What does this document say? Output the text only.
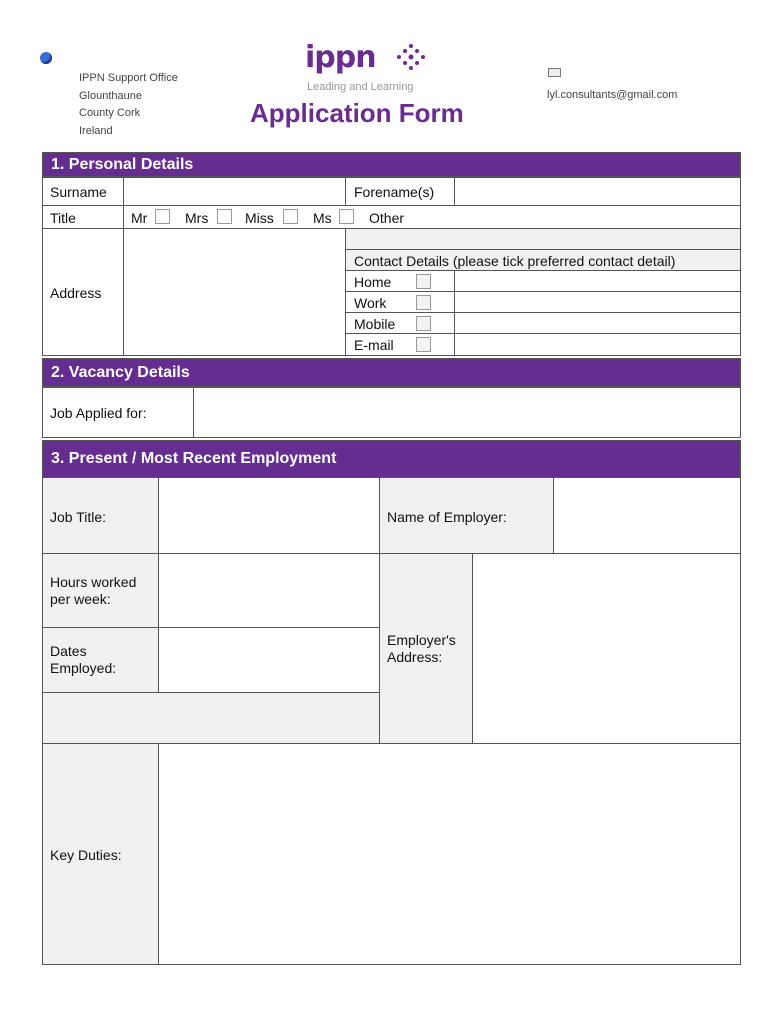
IPPN Support Office
Glounthaune
County Cork
Ireland
ippn
Leading and Learning
Application Form
lyl.consultants@gmail.com
1. Personal Details
Surname	Forename(s)
Title	Mr	Mrs	Miss	Ms	Other
Address
Contact Details (please tick preferred contact detail)
Home
Work
Mobile
E-mail
2. Vacancy Details
Job Applied for:
3. Present / Most Recent Employment
Job Title:	Name of Employer:
Hours worked per week:
Dates Employed:
Employer's Address:
Key Duties:
